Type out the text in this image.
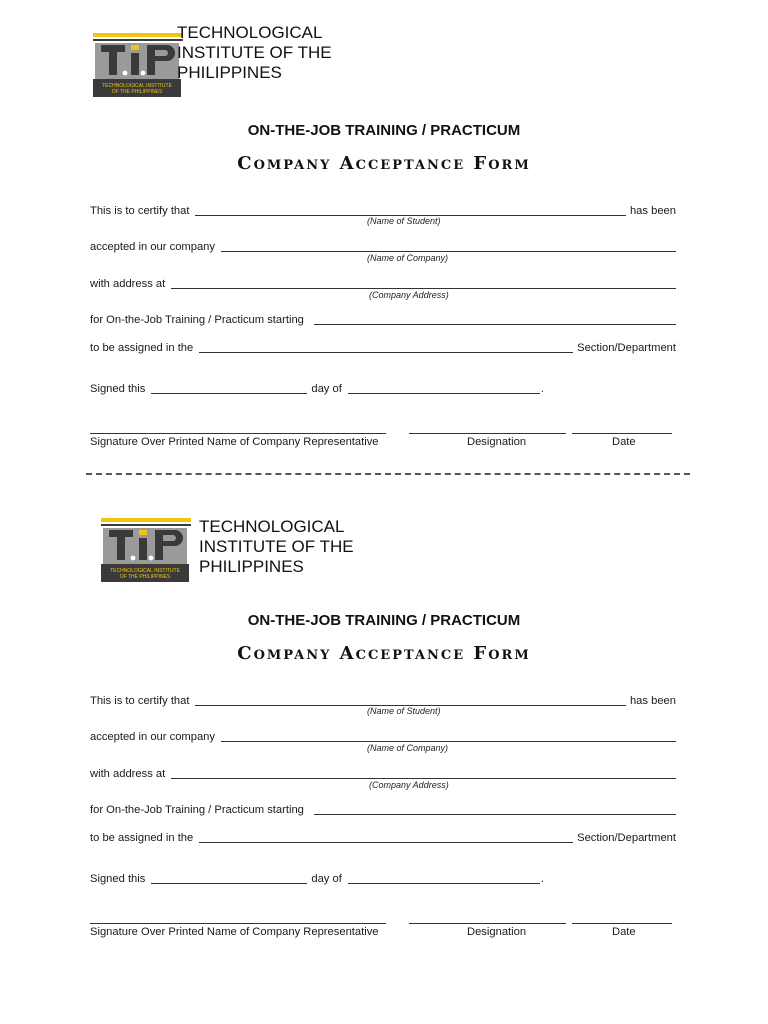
TECHNOLOGICAL INSTITUTE
OF THE PHILIPPINES
TECHNOLOGICAL
INSTITUTE OF THE
PHILIPPINES
ON-THE-JOB TRAINING / PRACTICUM
Company Acceptance Form
This is to certify that	has been
(Name of Student)
accepted in our company
(Name of Company)
with address at
(Company Address)
for On-the-Job Training / Practicum starting
to be assigned in the	Section/Department
Signed this	day of	.
Signature Over Printed Name of Company Representative	Designation	Date
TECHNOLOGICAL INSTITUTE
OF THE PHILIPPINES
TECHNOLOGICAL
INSTITUTE OF THE
PHILIPPINES
ON-THE-JOB TRAINING / PRACTICUM
Company Acceptance Form
This is to certify that	has been
(Name of Student)
accepted in our company
(Name of Company)
with address at
(Company Address)
for On-the-Job Training / Practicum starting
to be assigned in the	Section/Department
Signed this	day of	.
Signature Over Printed Name of Company Representative	Designation	Date
